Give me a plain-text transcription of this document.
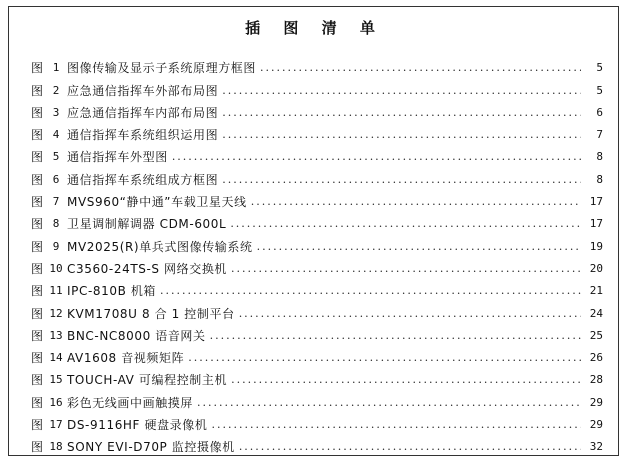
插 图 清 单
图 1 图像传输及显示子系统原理方框图 .....	5
图 2 应急通信指挥车外部布局图 .....	5
图 3 应急通信指挥车内部布局图 .....	6
图 4 通信指挥车系统组织运用图 .....	7
图 5 通信指挥车外型图 .....	8
图 6 通信指挥车系统组成方框图 .....	8
图 7 MVS960“静中通”车载卫星天线 .....	17
图 8 卫星调制解调器 CDM-600L .....	17
图 9 MV2025(R)单兵式图像传输系统 .....	19
图 10 C3560-24TS-S 网络交换机 .....	20
图 11 IPC-810B 机箱 .....	21
图 12 KVM1708U 8 合 1 控制平台 .....	24
图 13 BNC-NC8000 语音网关 .....	25
图 14 AV1608 音视频矩阵 .....	26
图 15 TOUCH-AV 可编程控制主机 .....	28
图 16 彩色无线画中画触摸屏 .....	29
图 17 DS-9116HF 硬盘录像机 .....	29
图 18 SONY EVI-D70P 监控摄像机 .....	32
